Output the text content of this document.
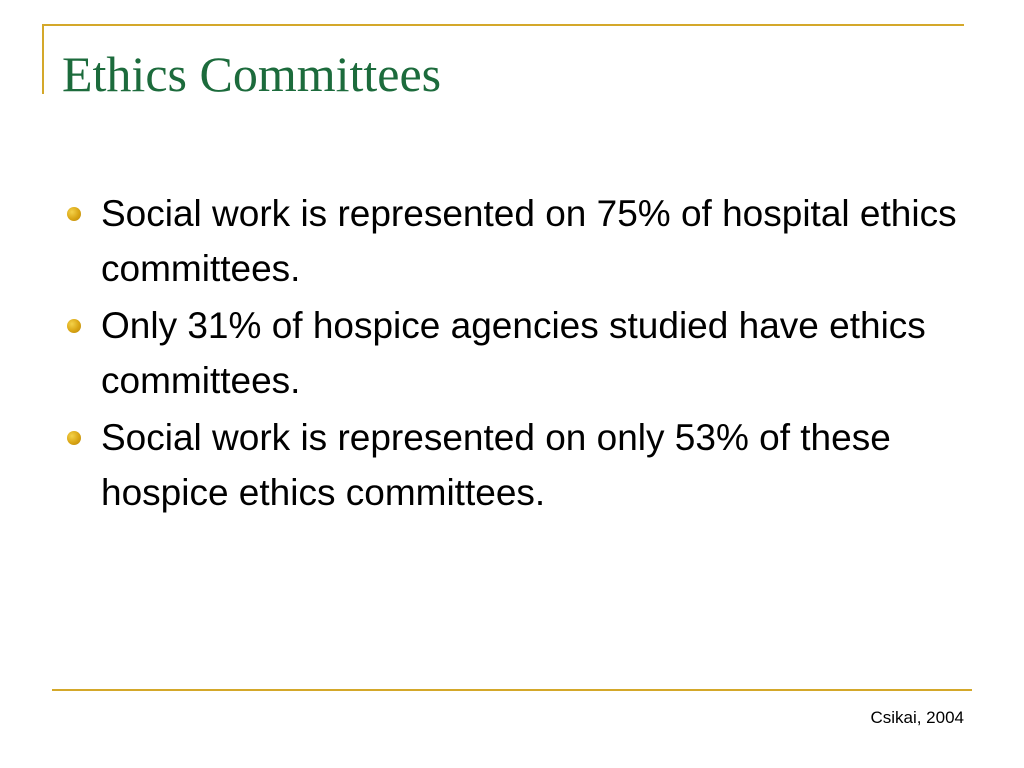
Ethics Committees
Social work is represented on 75% of hospital ethics committees.
Only 31% of hospice agencies studied have ethics committees.
Social work is represented on only 53% of these hospice ethics committees.
Csikai, 2004
